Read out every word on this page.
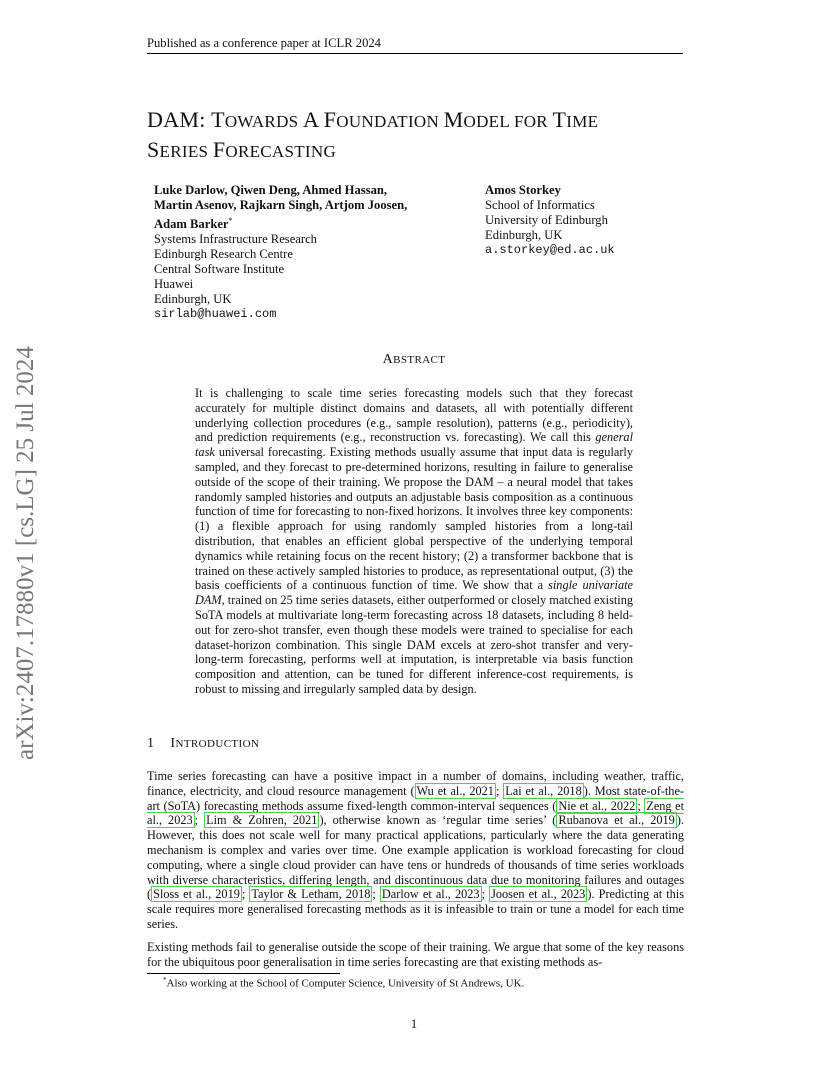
Published as a conference paper at ICLR 2024
DAM: TOWARDS A FOUNDATION MODEL FOR TIME
SERIES FORECASTING
Luke Darlow, Qiwen Deng, Ahmed Hassan,
Martin Asenov, Rajkarn Singh, Artjom Joosen,
Adam Barker*
Systems Infrastructure Research
Edinburgh Research Centre
Central Software Institute
Huawei
Edinburgh, UK
sirlab@huawei.com
Amos Storkey
School of Informatics
University of Edinburgh
Edinburgh, UK
a.storkey@ed.ac.uk
arXiv:2407.17880v1 [cs.LG] 25 Jul 2024	ABSTRACT
It is challenging to scale time series forecasting models such that they forecast accurately for multiple distinct domains and datasets, all with potentially different underlying collection procedures (e.g., sample resolution), patterns (e.g., periodicity), and prediction requirements (e.g., reconstruction vs. forecasting). We call this general task universal forecasting. Existing methods usually assume that input data is regularly sampled, and they forecast to pre-determined horizons, resulting in failure to generalise outside of the scope of their training. We propose the DAM – a neural model that takes randomly sampled histories and outputs an adjustable basis composition as a continuous function of time for forecasting to non-fixed horizons. It involves three key components: (1) a flexible approach for using randomly sampled histories from a long-tail distribution, that enables an efficient global perspective of the underlying temporal dynamics while retaining focus on the recent history; (2) a transformer backbone that is trained on these actively sampled histories to produce, as representational output, (3) the basis coefficients of a continuous function of time. We show that a single univariate DAM, trained on 25 time series datasets, either outperformed or closely matched existing SoTA models at multivariate long-term forecasting across 18 datasets, including 8 held-out for zero-shot transfer, even though these models were trained to specialise for each dataset-horizon combination. This single DAM excels at zero-shot transfer and very-long-term forecasting, performs well at imputation, is interpretable via basis function composition and attention, can be tuned for different inference-cost requirements, is robust to missing and irregularly sampled data by design.
1 INTRODUCTION
Time series forecasting can have a positive impact in a number of domains, including weather, traffic, finance, electricity, and cloud resource management ( Wu et al., 2021 ; Lai et al., 2018 ). Most state-of-the-art (SoTA) forecasting methods assume fixed-length common-interval sequences ( Nie et al., 2022 ; Zeng et al., 2023 ; Lim & Zohren, 2021 ), otherwise known as ‘regular time series’ ( Rubanova et al., 2019 ). However, this does not scale well for many practical applications, particularly where the data generating mechanism is complex and varies over time. One example application is workload forecasting for cloud computing, where a single cloud provider can have tens or hundreds of thousands of time series workloads with diverse characteristics, differing length, and discontinuous data due to monitoring failures and outages ( Sloss et al., 2019 ; Taylor & Letham, 2018 ; Darlow et al., 2023 ; Joosen et al., 2023 ). Predicting at this scale requires more generalised forecasting methods as it is infeasible to train or tune a model for each time series.
Existing methods fail to generalise outside the scope of their training. We argue that some of the key reasons for the ubiquitous poor generalisation in time series forecasting are that existing methods as-
*Also working at the School of Computer Science, University of St Andrews, UK.
1
